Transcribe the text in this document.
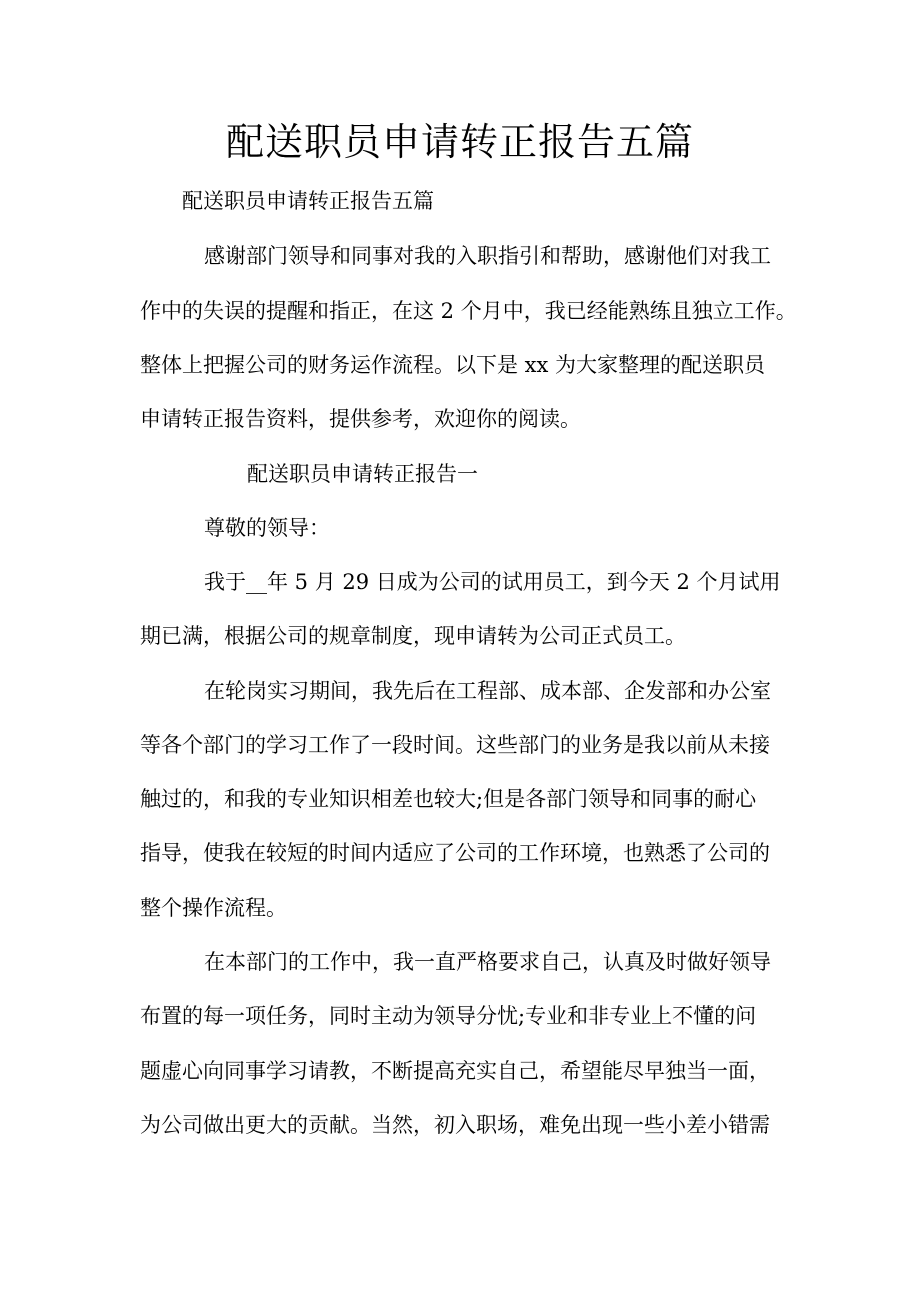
配送职员申请转正报告五篇
配送职员申请转正报告五篇
感谢部门领导和同事对我的入职指引和帮助，感谢他们对我工
作中的失误的提醒和指正，在这 2 个月中，我已经能熟练且独立工作。
整体上把握公司的财务运作流程。以下是 xx 为大家整理的配送职员
申请转正报告资料，提供参考，欢迎你的阅读。
配送职员申请转正报告一
尊敬的领导：
我于__年 5 月 29 日成为公司的试用员工，到今天 2 个月试用
期已满，根据公司的规章制度，现申请转为公司正式员工。
在轮岗实习期间，我先后在工程部、成本部、企发部和办公室
等各个部门的学习工作了一段时间。这些部门的业务是我以前从未接
触过的，和我的专业知识相差也较大;但是各部门领导和同事的耐心
指导，使我在较短的时间内适应了公司的工作环境，也熟悉了公司的
整个操作流程。
在本部门的工作中，我一直严格要求自己，认真及时做好领导
布置的每一项任务，同时主动为领导分忧;专业和非专业上不懂的问
题虚心向同事学习请教，不断提高充实自己，希望能尽早独当一面，
为公司做出更大的贡献。当然，初入职场，难免出现一些小差小错需
